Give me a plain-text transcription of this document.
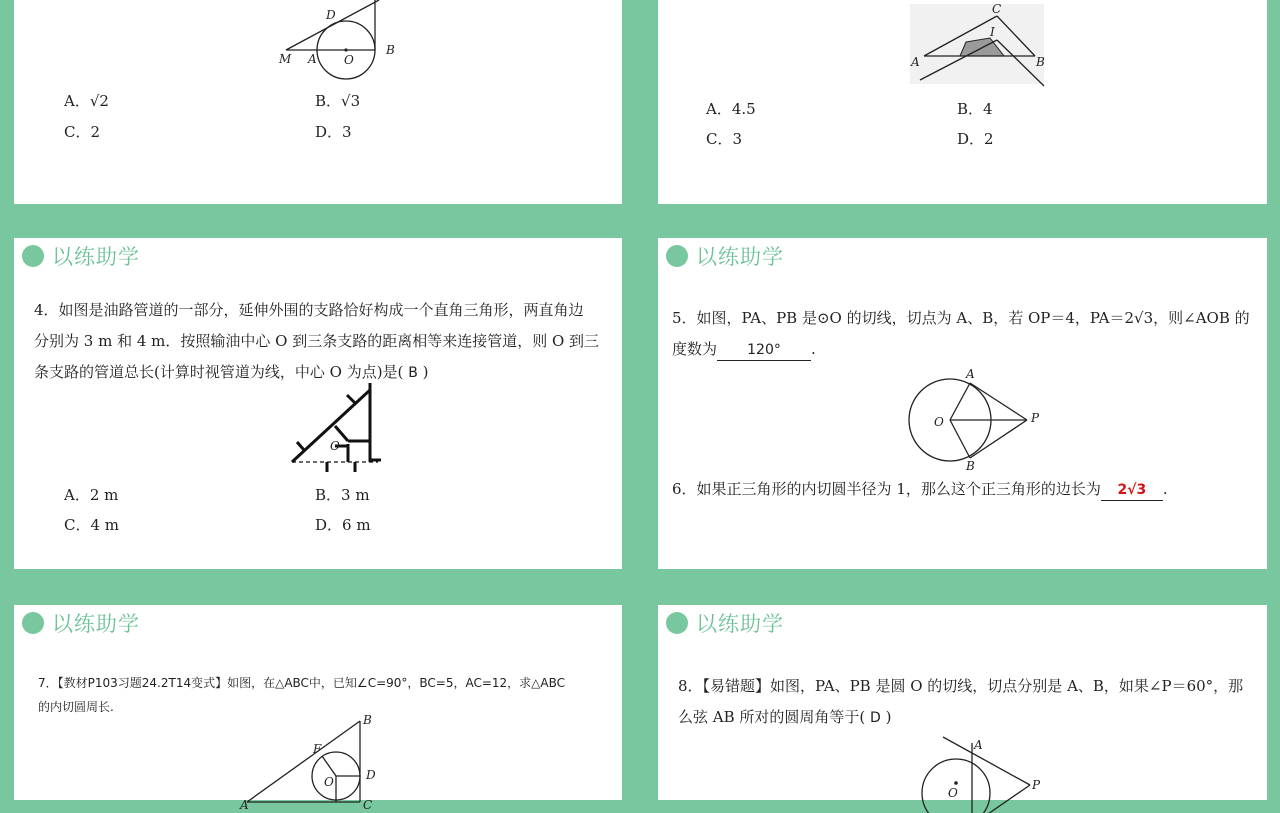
D
M A O
B
A．√2	B．√3
C．2	D．3
C
I
A	B
A．4.5	B．4
C．3	D．2
以练助学
4．如图是油路管道的一部分，延伸外围的支路恰好构成一个直角三角形，两直角边
分别为 3 m 和 4 m．按照输油中心 O 到三条支路的距离相等来连接管道，则 O 到三
条支路的管道总长(计算时视管道为线，中心 O 为点)是( B )
O
A．2 m	B．3 m
C．4 m	D．6 m
以练助学
5．如图，PA、PB 是⊙O 的切线，切点为 A、B，若 OP＝4，PA＝2√3，则∠AOB 的
度数为 120° .
A
O	P
B
6．如果正三角形的内切圆半径为 1，那么这个正三角形的边长为 2√3 .
以练助学
7．【教材P103习题24.2T14变式】如图，在△ABC中，已知∠C=90°，BC=5，AC=12，求△ABC
的内切圆周长.
B
F
O	D
A	C
以练助学
8．【易错题】如图，PA、PB 是圆 O 的切线，切点分别是 A、B，如果∠P＝60°，那
么弦 AB 所对的圆周角等于( D )
A
P
O
